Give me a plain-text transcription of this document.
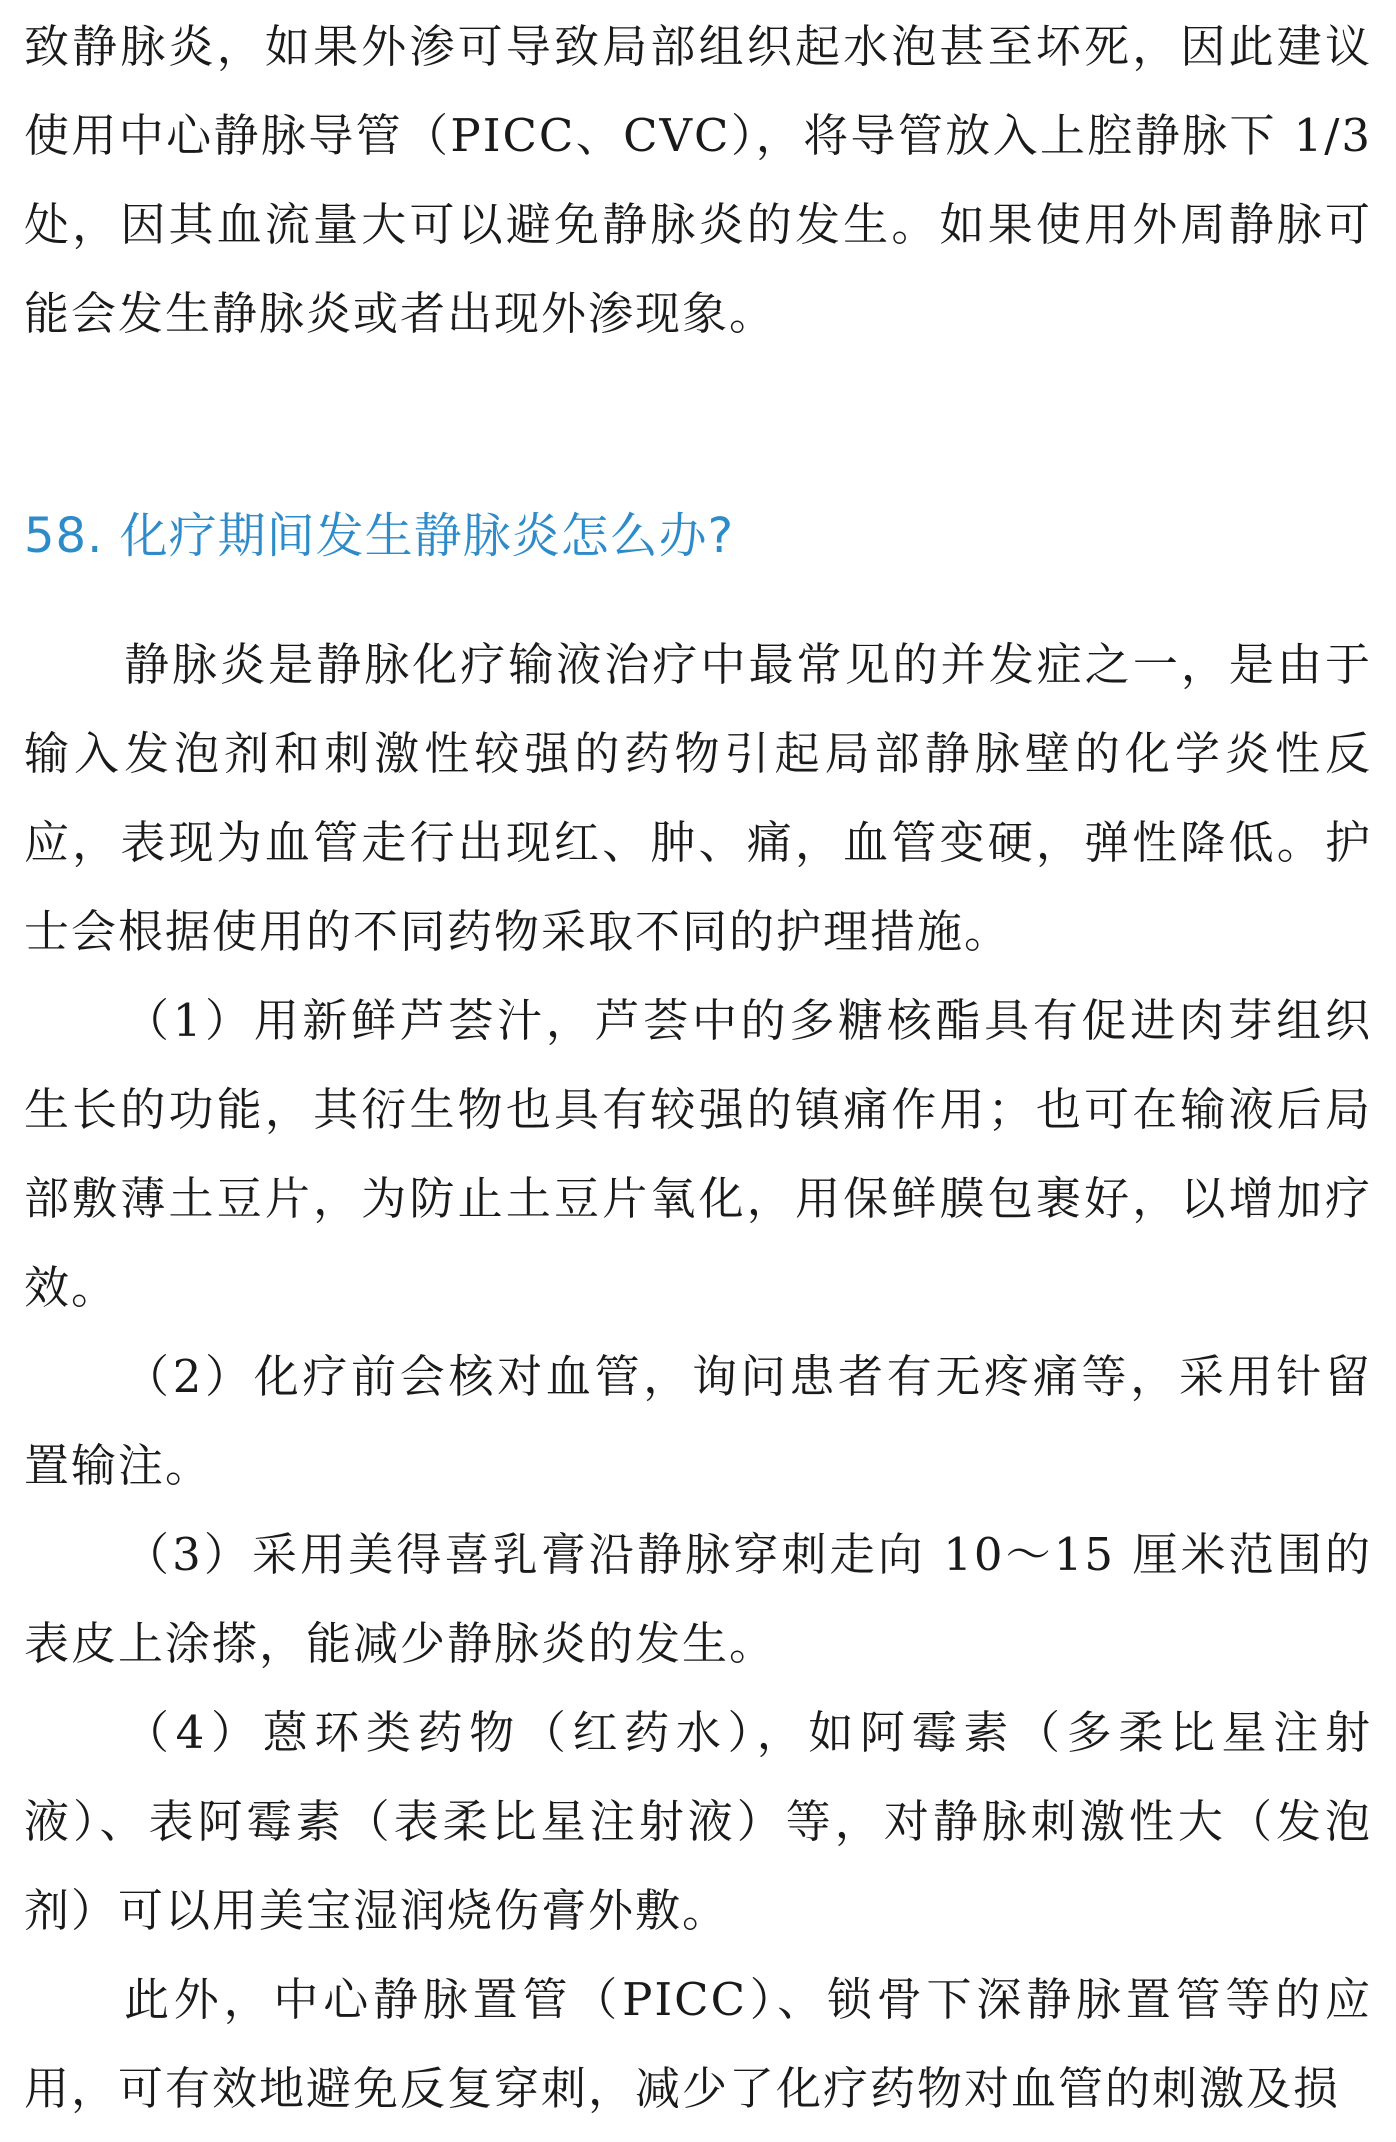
致静脉炎，如果外渗可导致局部组织起水泡甚至坏死，因此建议使用中心静脉导管（PICC、CVC），将导管放入上腔静脉下 1/3 处，因其血流量大可以避免静脉炎的发生。如果使用外周静脉可能会发生静脉炎或者出现外渗现象。

58. 化疗期间发生静脉炎怎么办?

静脉炎是静脉化疗输液治疗中最常见的并发症之一，是由于输入发泡剂和刺激性较强的药物引起局部静脉壁的化学炎性反应，表现为血管走行出现红、肿、痛，血管变硬，弹性降低。护士会根据使用的不同药物采取不同的护理措施。

（1）用新鲜芦荟汁，芦荟中的多糖核酯具有促进肉芽组织生长的功能，其衍生物也具有较强的镇痛作用；也可在输液后局部敷薄土豆片，为防止土豆片氧化，用保鲜膜包裹好，以增加疗效。

（2）化疗前会核对血管，询问患者有无疼痛等，采用针留置输注。

（3）采用美得喜乳膏沿静脉穿刺走向 10～15 厘米范围的表皮上涂搽，能减少静脉炎的发生。

（4）蒽环类药物（红药水），如阿霉素（多柔比星注射液）、表阿霉素（表柔比星注射液）等，对静脉刺激性大（发泡剂）可以用美宝湿润烧伤膏外敷。

此外，中心静脉置管（PICC）、锁骨下深静脉置管等的应用，可有效地避免反复穿刺，减少了化疗药物对血管的刺激及损
